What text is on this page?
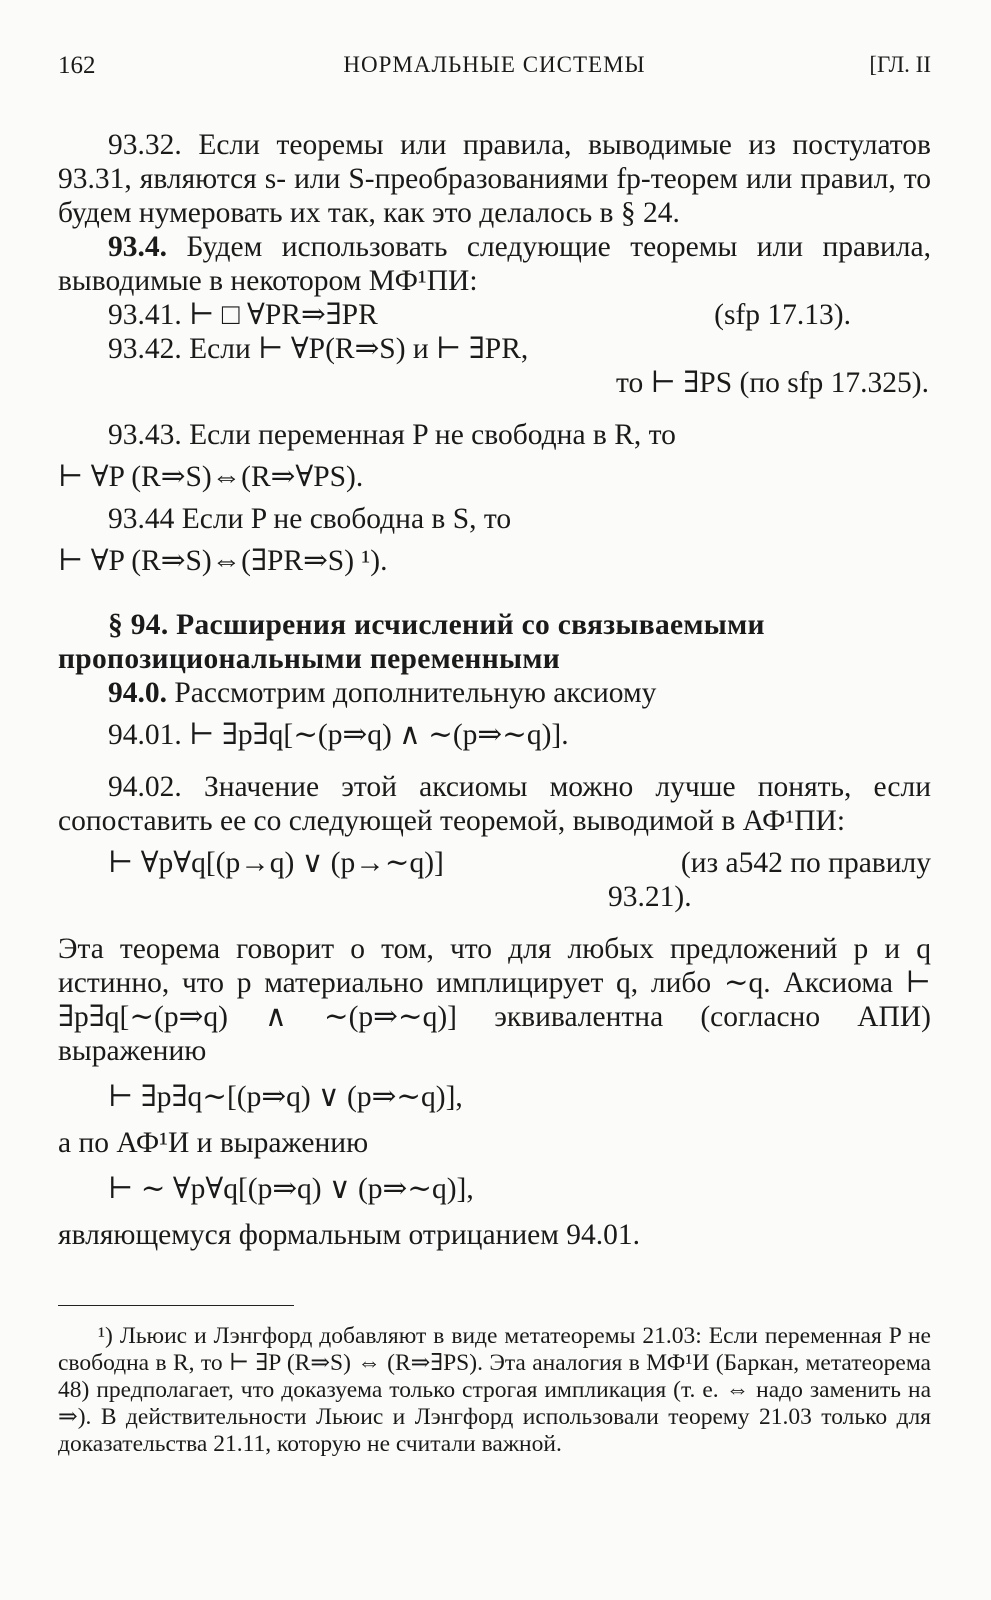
162	НОРМАЛЬНЫЕ СИСТЕМЫ	[ГЛ. II

93.32. Если теоремы или правила, выводимые из постулатов 93.31, являются s- или S-преобразованиями fp-теорем или правил, то будем нумеровать их так, как это делалось в § 24.

93.4. Будем использовать следующие теоремы или правила, выводимые в некотором МФ¹ПИ:

93.41. ⊢ □ ∀PR⇒∃PR	(sfp 17.13).
93.42. Если ⊢ ∀P(R⇒S) и ⊢ ∃PR,
то ⊢ ∃PS (по sfp 17.325).
93.43. Если переменная P не свободна в R, то
⊢ ∀P (R⇒S)⇔(R⇒∀PS).
93.44 Если P не свободна в S, то
⊢ ∀P (R⇒S)⇔(∃PR⇒S) ¹).

§ 94. Расширения исчислений со связываемыми пропозициональными переменными

94.0. Рассмотрим дополнительную аксиому

94.01. ⊢ ∃p∃q[∼(p⇒q) ∧ ∼(p⇒∼q)].

94.02. Значение этой аксиомы можно лучше понять, если сопоставить ее со следующей теоремой, выводимой в АФ¹ПИ:

⊢ ∀p∀q[(p→q) ∨ (p→∼q)]	(из a542 по правилу
93.21).

Эта теорема говорит о том, что для любых предложений p и q истинно, что p материально имплицирует q, либо ∼q. Аксиома ⊢ ∃p∃q[∼(p⇒q) ∧ ∼(p⇒∼q)] эквивалентна (согласно АПИ) выражению

⊢ ∃p∃q∼[(p⇒q) ∨ (p⇒∼q)],

а по АФ¹И и выражению

⊢ ∼ ∀p∀q[(p⇒q) ∨ (p⇒∼q)],

являющемуся формальным отрицанием 94.01.

¹) Льюис и Лэнгфорд добавляют в виде метатеоремы 21.03: Если переменная P не свободна в R, то ⊢ ∃P (R⇒S) ⇔ (R⇒∃PS). Эта аналогия в МФ¹И (Баркан, метатеорема 48) предполагает, что доказуема только строгая импликация (т. е. ⇔ надо заменить на ⇒). В действительности Льюис и Лэнгфорд использовали теорему 21.03 только для доказательства 21.11, которую не считали важной.
